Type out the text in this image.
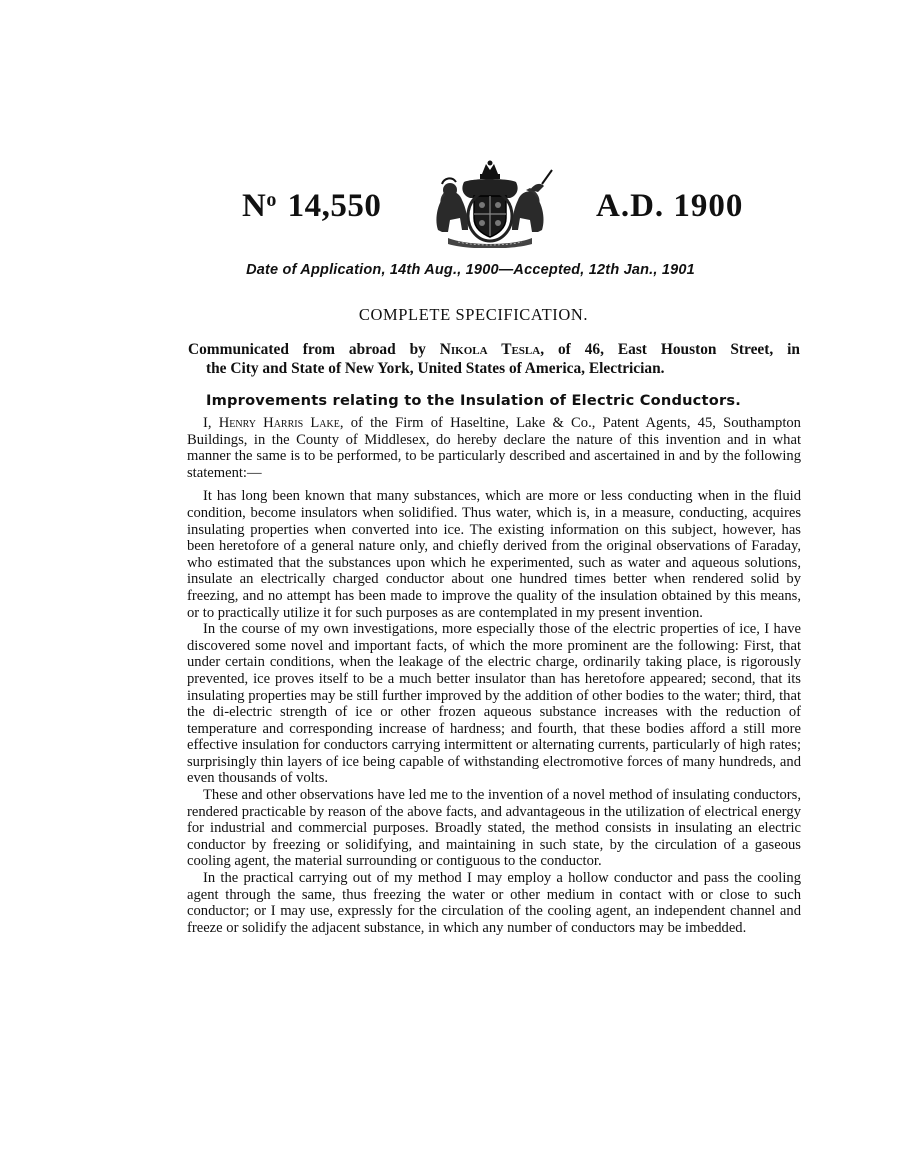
$N^o$ 14,550	A.D. 1900
Date of Application, 14th Aug., 1900—Accepted, 12th Jan., 1901
COMPLETE SPECIFICATION.
Communicated from abroad by Nikola Tesla, of 46, East Houston Street, in
the City and State of New York, United States of America, Electrician.
Improvements relating to the Insulation of Electric Conductors.

I, Henry Harris Lake, of the Firm of Haseltine, Lake & Co., Patent Agents, 45, Southampton Buildings, in the County of Middlesex, do hereby declare the nature of this invention and in what manner the same is to be performed, to be particularly described and ascertained in and by the following statement:—

It has long been known that many substances, which are more or less conducting when in the fluid condition, become insulators when solidified. Thus water, which is, in a measure, conducting, acquires insulating properties when converted into ice. The existing information on this subject, however, has been heretofore of a general nature only, and chiefly derived from the original observations of Faraday, who estimated that the substances upon which he experimented, such as water and aqueous solutions, insulate an electrically charged conductor about one hundred times better when rendered solid by freezing, and no attempt has been made to improve the quality of the insulation obtained by this means, or to practically utilize it for such purposes as are contemplated in my present invention.

In the course of my own investigations, more especially those of the electric properties of ice, I have discovered some novel and important facts, of which the more prominent are the following: First, that under certain conditions, when the leakage of the electric charge, ordinarily taking place, is rigorously prevented, ice proves itself to be a much better insulator than has heretofore appeared; second, that its insulating properties may be still further improved by the addition of other bodies to the water; third, that the di-electric strength of ice or other frozen aqueous substance increases with the reduction of temperature and corresponding increase of hardness; and fourth, that these bodies afford a still more effective insulation for conductors carrying intermittent or alternating currents, particularly of high rates; surprisingly thin layers of ice being capable of withstanding electromotive forces of many hundreds, and even thousands of volts.

These and other observations have led me to the invention of a novel method of insulating conductors, rendered practicable by reason of the above facts, and advantageous in the utilization of electrical energy for industrial and commercial purposes. Broadly stated, the method consists in insulating an electric conductor by freezing or solidifying, and maintaining in such state, by the circulation of a gaseous cooling agent, the material surrounding or contiguous to the conductor.

In the practical carrying out of my method I may employ a hollow conductor and pass the cooling agent through the same, thus freezing the water or other medium in contact with or close to such conductor; or I may use, expressly for the circulation of the cooling agent, an independent channel and freeze or solidify the adjacent substance, in which any number of conductors may be imbedded.
